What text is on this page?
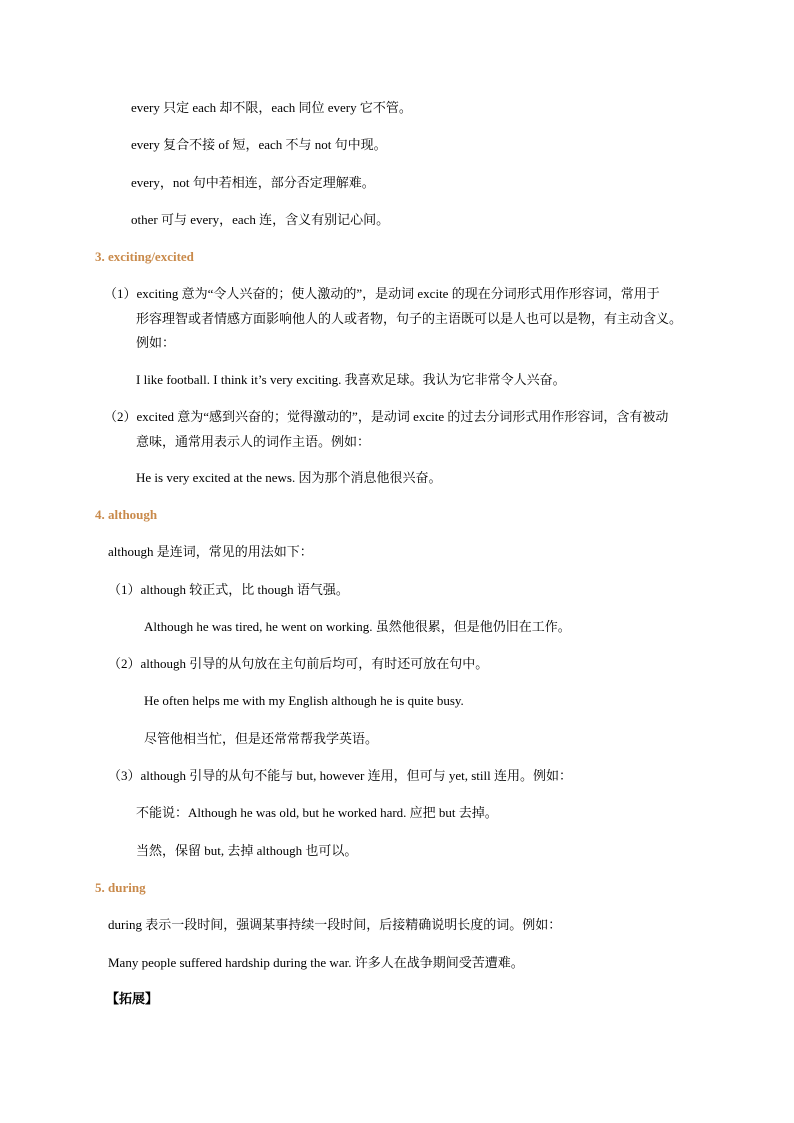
every 只定 each 却不限，each 同位 every 它不管。
every 复合不接 of 短，each 不与 not 句中现。
every，not 句中若相连，部分否定理解难。
other 可与 every，each 连，含义有别记心间。
3. exciting/excited
（1）exciting 意为“令人兴奋的；使人激动的”，是动词 excite 的现在分词形式用作形容词，常用于
形容理智或者情感方面影响他人的人或者物，句子的主语既可以是人也可以是物，有主动含义。
例如：
I like football. I think it’s very exciting. 我喜欢足球。我认为它非常令人兴奋。
（2）excited 意为“感到兴奋的；觉得激动的”，是动词 excite 的过去分词形式用作形容词，含有被动
意味，通常用表示人的词作主语。例如：
He is very excited at the news. 因为那个消息他很兴奋。
4. although
although 是连词，常见的用法如下：
（1）although 较正式，比 though 语气强。
Although he was tired, he went on working. 虽然他很累，但是他仍旧在工作。
（2）although 引导的从句放在主句前后均可，有时还可放在句中。
He often helps me with my English although he is quite busy.
尽管他相当忙，但是还常常帮我学英语。
（3）although 引导的从句不能与 but, however 连用，但可与 yet, still 连用。例如：
不能说：Although he was old, but he worked hard. 应把 but 去掉。
当然，保留 but, 去掉 although 也可以。
5. during
during 表示一段时间，强调某事持续一段时间，后接精确说明长度的词。例如：
Many people suffered hardship during the war. 许多人在战争期间受苦遭难。
【拓展】
